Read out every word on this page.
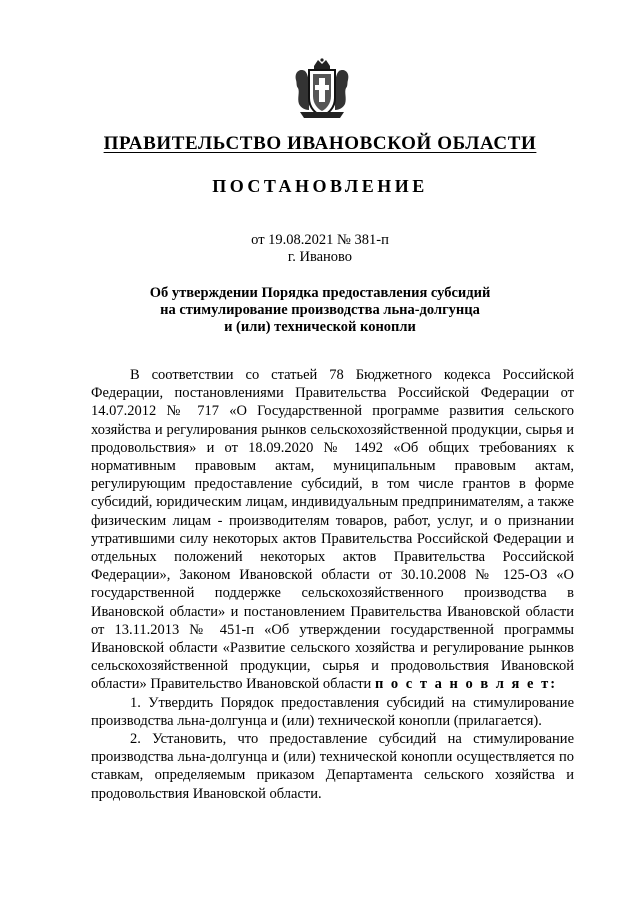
ПРАВИТЕЛЬСТВО ИВАНОВСКОЙ ОБЛАСТИ
ПОСТАНОВЛЕНИЕ
от 19.08.2021 № 381-п
г. Иваново
Об утверждении Порядка предоставления субсидий
на стимулирование производства льна-долгунца
и (или) технической конопли

В соответствии со статьей 78 Бюджетного кодекса Российской Федерации, постановлениями Правительства Российской Федерации от 14.07.2012 № 717 «О Государственной программе развития сельского хозяйства и регулирования рынков сельскохозяйственной продукции, сырья и продовольствия» и от 18.09.2020 № 1492 «Об общих требованиях к нормативным правовым актам, муниципальным правовым актам, регулирующим предоставление субсидий, в том числе грантов в форме субсидий, юридическим лицам, индивидуальным предпринимателям, а также физическим лицам - производителям товаров, работ, услуг, и о признании утратившими силу некоторых актов Правительства Российской Федерации и отдельных положений некоторых актов Правительства Российской Федерации», Законом Ивановской области от 30.10.2008 № 125-ОЗ «О государственной поддержке сельскохозяйственного производства в Ивановской области» и постановлением Правительства Ивановской области от 13.11.2013 № 451-п «Об утверждении государственной программы Ивановской области «Развитие сельского хозяйства и регулирование рынков сельскохозяйственной продукции, сырья и продовольствия Ивановской области» Правительство Ивановской области п о с т а н о в л я е т:

1. Утвердить Порядок предоставления субсидий на стимулирование производства льна-долгунца и (или) технической конопли (прилагается).

2. Установить, что предоставление субсидий на стимулирование производства льна-долгунца и (или) технической конопли осуществляется по ставкам, определяемым приказом Департамента сельского хозяйства и продовольствия Ивановской области.
